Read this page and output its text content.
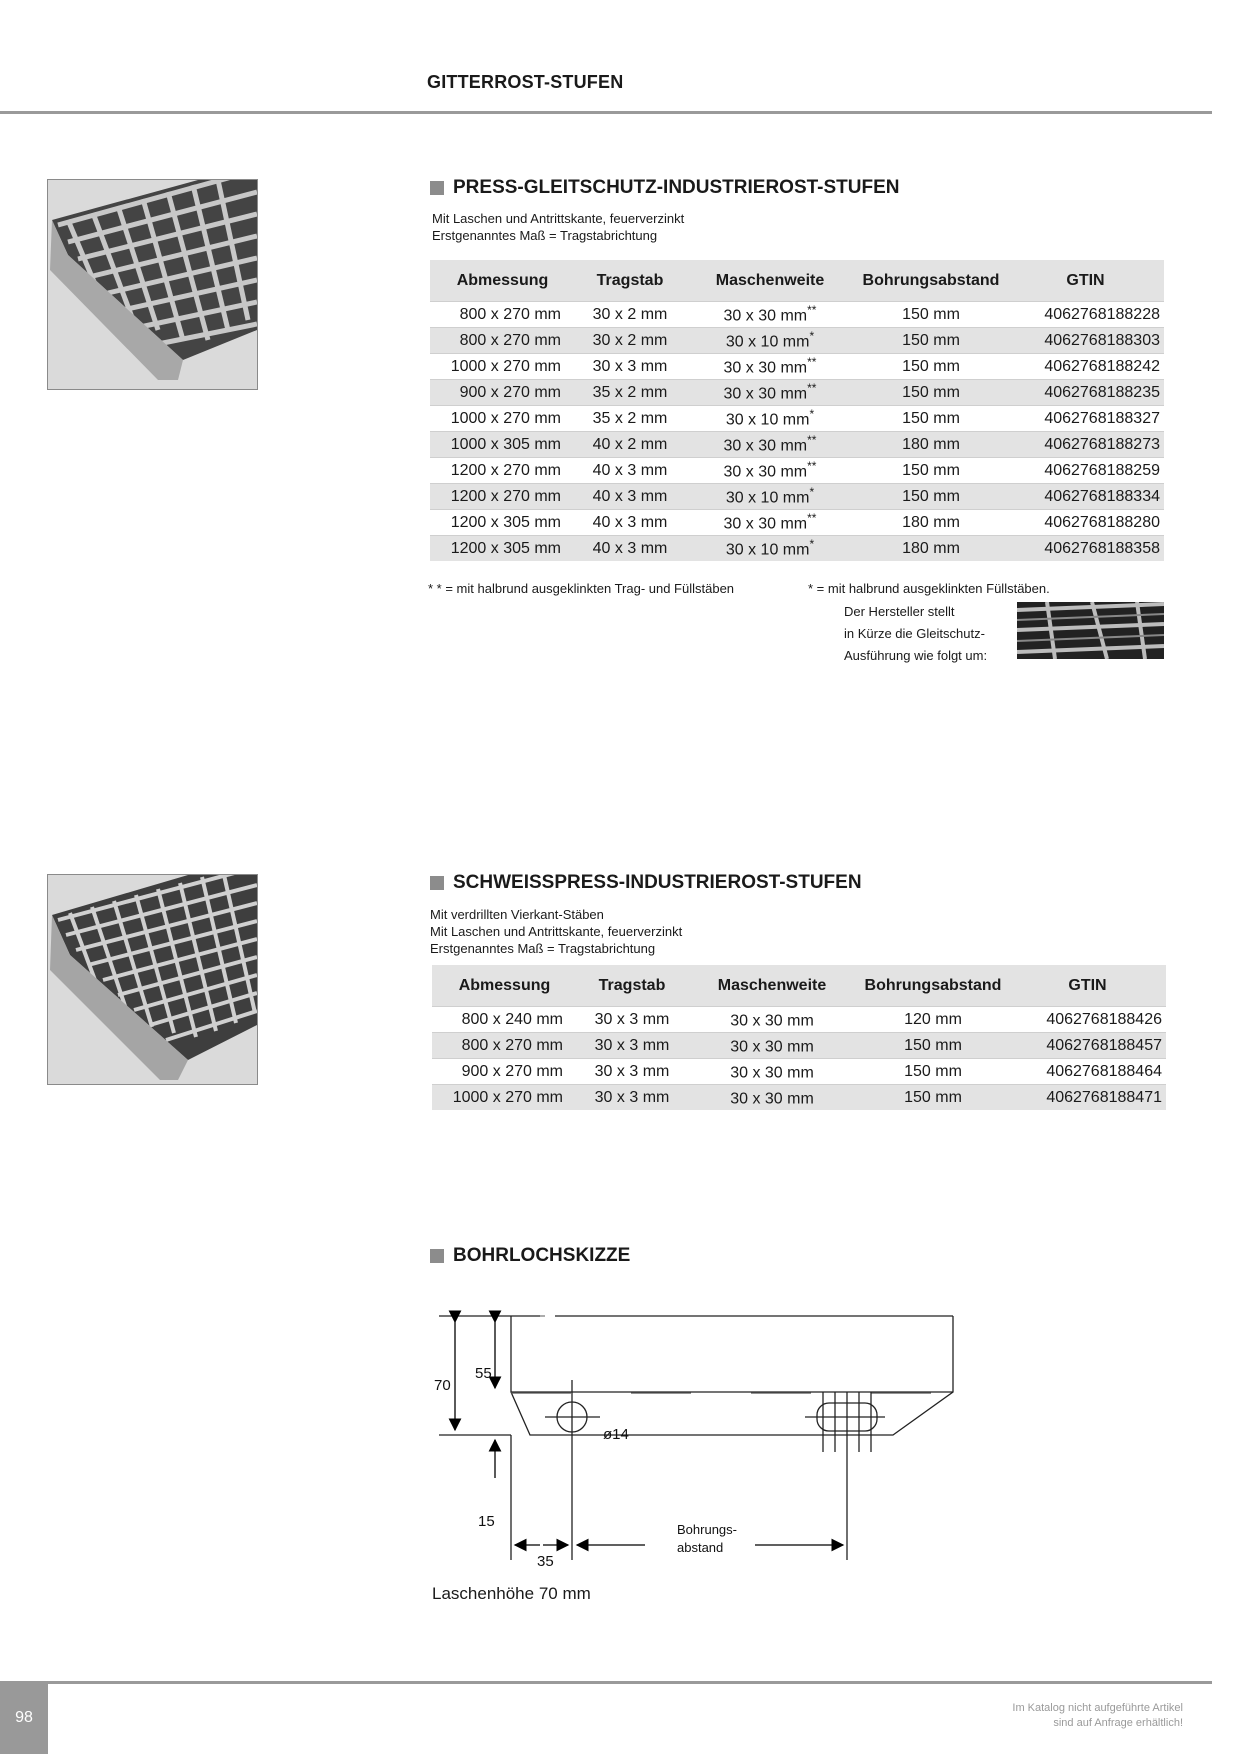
GITTERROST-STUFEN
PRESS-GLEITSCHUTZ-INDUSTRIEROST-STUFEN
Mit Laschen und Antrittskante, feuerverzinkt
Erstgenanntes Maß = Tragstabrichtung
Abmessung	Tragstab	Maschenweite	Bohrungsabstand	GTIN
800 x 270 mm	30 x 2 mm	30 x 30 mm**	150 mm	4062768188228
800 x 270 mm	30 x 2 mm	30 x 10 mm*	150 mm	4062768188303
1000 x 270 mm	30 x 3 mm	30 x 30 mm**	150 mm	4062768188242
900 x 270 mm	35 x 2 mm	30 x 30 mm**	150 mm	4062768188235
1000 x 270 mm	35 x 2 mm	30 x 10 mm*	150 mm	4062768188327
1000 x 305 mm	40 x 2 mm	30 x 30 mm**	180 mm	4062768188273
1200 x 270 mm	40 x 3 mm	30 x 30 mm**	150 mm	4062768188259
1200 x 270 mm	40 x 3 mm	30 x 10 mm*	150 mm	4062768188334
1200 x 305 mm	40 x 3 mm	30 x 30 mm**	180 mm	4062768188280
1200 x 305 mm	40 x 3 mm	30 x 10 mm*	180 mm	4062768188358
* * = mit halbrund ausgeklinkten Trag- und Füllstäben	* = mit halbrund ausgeklinkten Füllstäben.
Der Hersteller stellt
in Kürze die Gleitschutz-
Ausführung wie folgt um:
SCHWEISSPRESS-INDUSTRIEROST-STUFEN
Mit verdrillten Vierkant-Stäben
Mit Laschen und Antrittskante, feuerverzinkt
Erstgenanntes Maß = Tragstabrichtung
Abmessung	Tragstab	Maschenweite	Bohrungsabstand	GTIN
800 x 240 mm	30 x 3 mm	30 x 30 mm	120 mm	4062768188426
800 x 270 mm	30 x 3 mm	30 x 30 mm	150 mm	4062768188457
900 x 270 mm	30 x 3 mm	30 x 30 mm	150 mm	4062768188464
1000 x 270 mm	30 x 3 mm	30 x 30 mm	150 mm	4062768188471
BOHRLOCHSKIZZE
70
55
15
35
ø14
Bohrungs-
abstand
Laschenhöhe 70 mm
98
Im Katalog nicht aufgeführte Artikel
sind auf Anfrage erhältlich!
